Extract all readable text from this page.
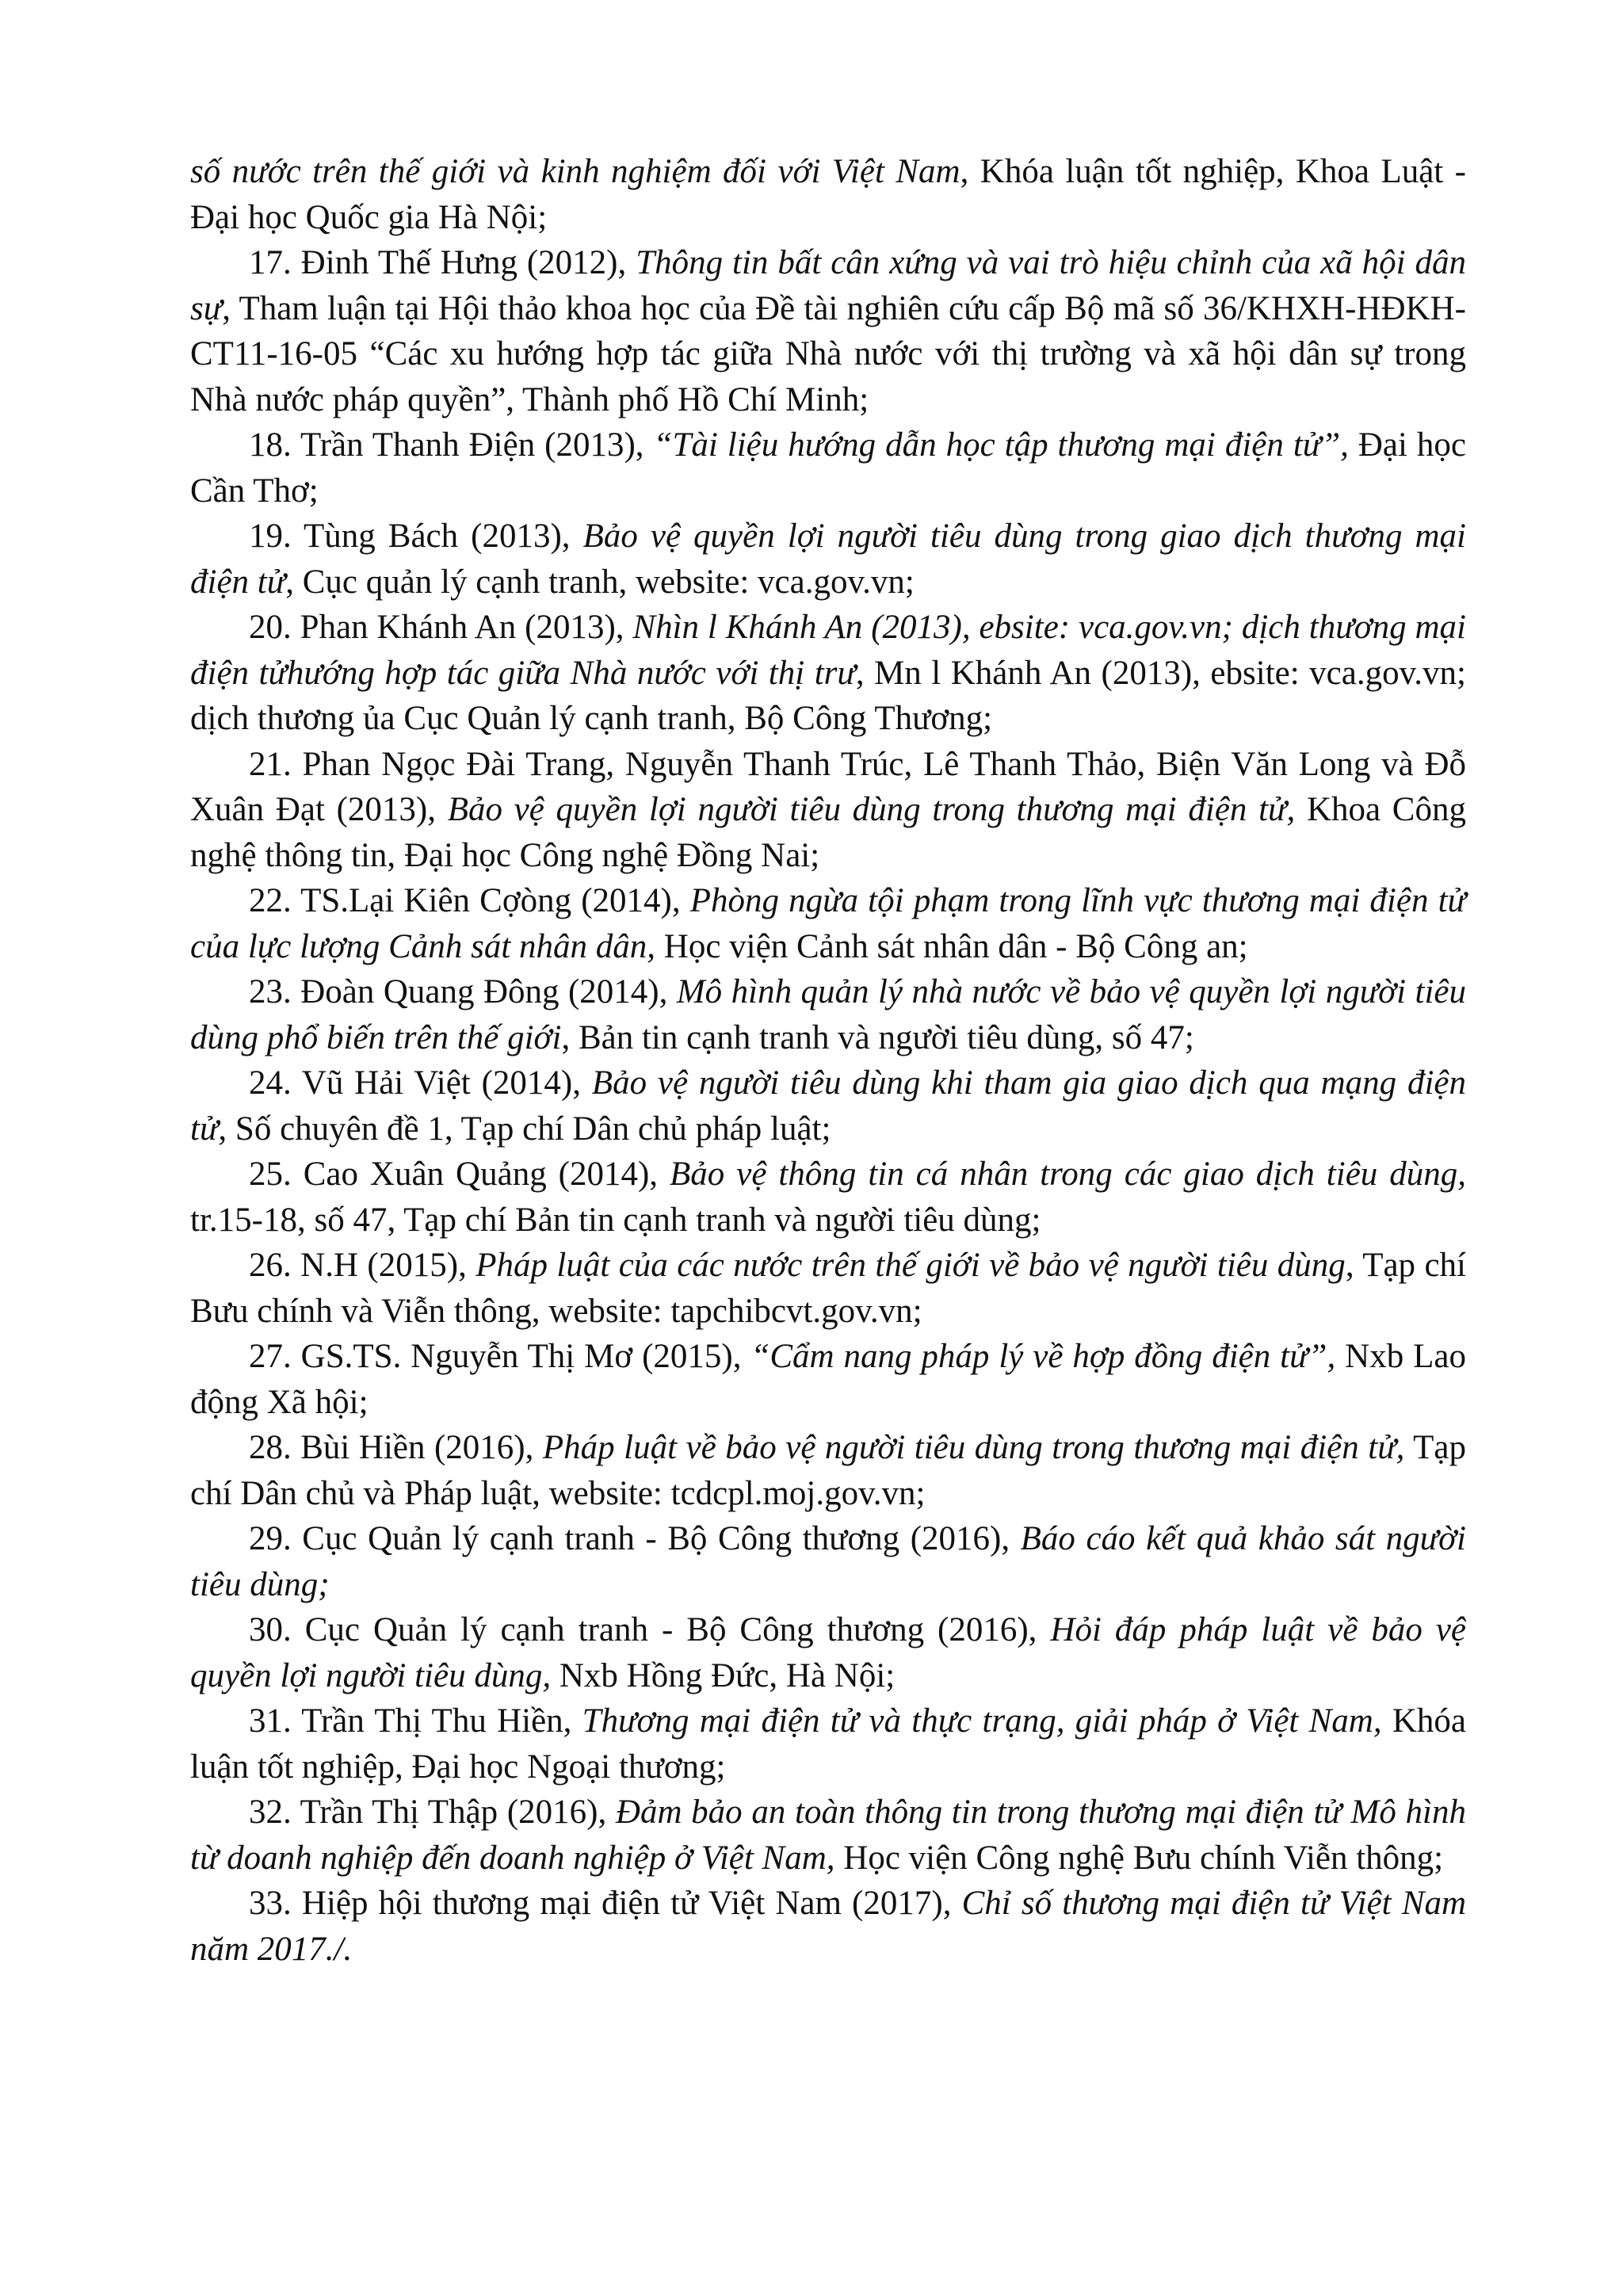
số nước trên thế giới và kinh nghiệm đối với Việt Nam, Khóa luận tốt nghiệp, Khoa Luật - Đại học Quốc gia Hà Nội;

17. Đinh Thế Hưng (2012), Thông tin bất cân xứng và vai trò hiệu chỉnh của xã hội dân sự, Tham luận tại Hội thảo khoa học của Đề tài nghiên cứu cấp Bộ mã số 36/KHXH-HĐKH-CT11-16-05 “Các xu hướng hợp tác giữa Nhà nước với thị trường và xã hội dân sự trong Nhà nước pháp quyền”, Thành phố Hồ Chí Minh;

18. Trần Thanh Điện (2013), “Tài liệu hướng dẫn học tập thương mại điện tử”, Đại học Cần Thơ;

19. Tùng Bách (2013), Bảo vệ quyền lợi người tiêu dùng trong giao dịch thương mại điện tử, Cục quản lý cạnh tranh, website: vca.gov.vn;

20. Phan Khánh An (2013), Nhìn l Khánh An (2013), ebsite: vca.gov.vn; dịch thương mại điện tửhướng hợp tác giữa Nhà nước với thị trư, Mn l Khánh An (2013), ebsite: vca.gov.vn; dịch thương ủa Cục Quản lý cạnh tranh, Bộ Công Thương;

21. Phan Ngọc Đài Trang, Nguyễn Thanh Trúc, Lê Thanh Thảo, Biện Văn Long và Đỗ Xuân Đạt (2013), Bảo vệ quyền lợi người tiêu dùng trong thương mại điện tử, Khoa Công nghệ thông tin, Đại học Công nghệ Đồng Nai;

22. TS.Lại Kiên Cợòng (2014), Phòng ngừa tội phạm trong lĩnh vực thương mại điện tử của lực lượng Cảnh sát nhân dân, Học viện Cảnh sát nhân dân - Bộ Công an;

23. Đoàn Quang Đông (2014), Mô hình quản lý nhà nước về bảo vệ quyền lợi người tiêu dùng phổ biến trên thế giới, Bản tin cạnh tranh và người tiêu dùng, số 47;

24. Vũ Hải Việt (2014), Bảo vệ người tiêu dùng khi tham gia giao dịch qua mạng điện tử, Số chuyên đề 1, Tạp chí Dân chủ pháp luật;

25. Cao Xuân Quảng (2014), Bảo vệ thông tin cá nhân trong các giao dịch tiêu dùng, tr.15-18, số 47, Tạp chí Bản tin cạnh tranh và người tiêu dùng;

26. N.H (2015), Pháp luật của các nước trên thế giới về bảo vệ người tiêu dùng, Tạp chí Bưu chính và Viễn thông, website: tapchibcvt.gov.vn;

27. GS.TS. Nguyễn Thị Mơ (2015), “Cẩm nang pháp lý về hợp đồng điện tử”, Nxb Lao động Xã hội;

28. Bùi Hiền (2016), Pháp luật về bảo vệ người tiêu dùng trong thương mại điện tử, Tạp chí Dân chủ và Pháp luật, website: tcdcpl.moj.gov.vn;

29. Cục Quản lý cạnh tranh - Bộ Công thương (2016), Báo cáo kết quả khảo sát người tiêu dùng;

30. Cục Quản lý cạnh tranh - Bộ Công thương (2016), Hỏi đáp pháp luật về bảo vệ quyền lợi người tiêu dùng, Nxb Hồng Đức, Hà Nội;

31. Trần Thị Thu Hiền, Thương mại điện tử và thực trạng, giải pháp ở Việt Nam, Khóa luận tốt nghiệp, Đại học Ngoại thương;

32. Trần Thị Thập (2016), Đảm bảo an toàn thông tin trong thương mại điện tử Mô hình từ doanh nghiệp đến doanh nghiệp ở Việt Nam, Học viện Công nghệ Bưu chính Viễn thông;

33. Hiệp hội thương mại điện tử Việt Nam (2017), Chỉ số thương mại điện tử Việt Nam năm 2017./.
